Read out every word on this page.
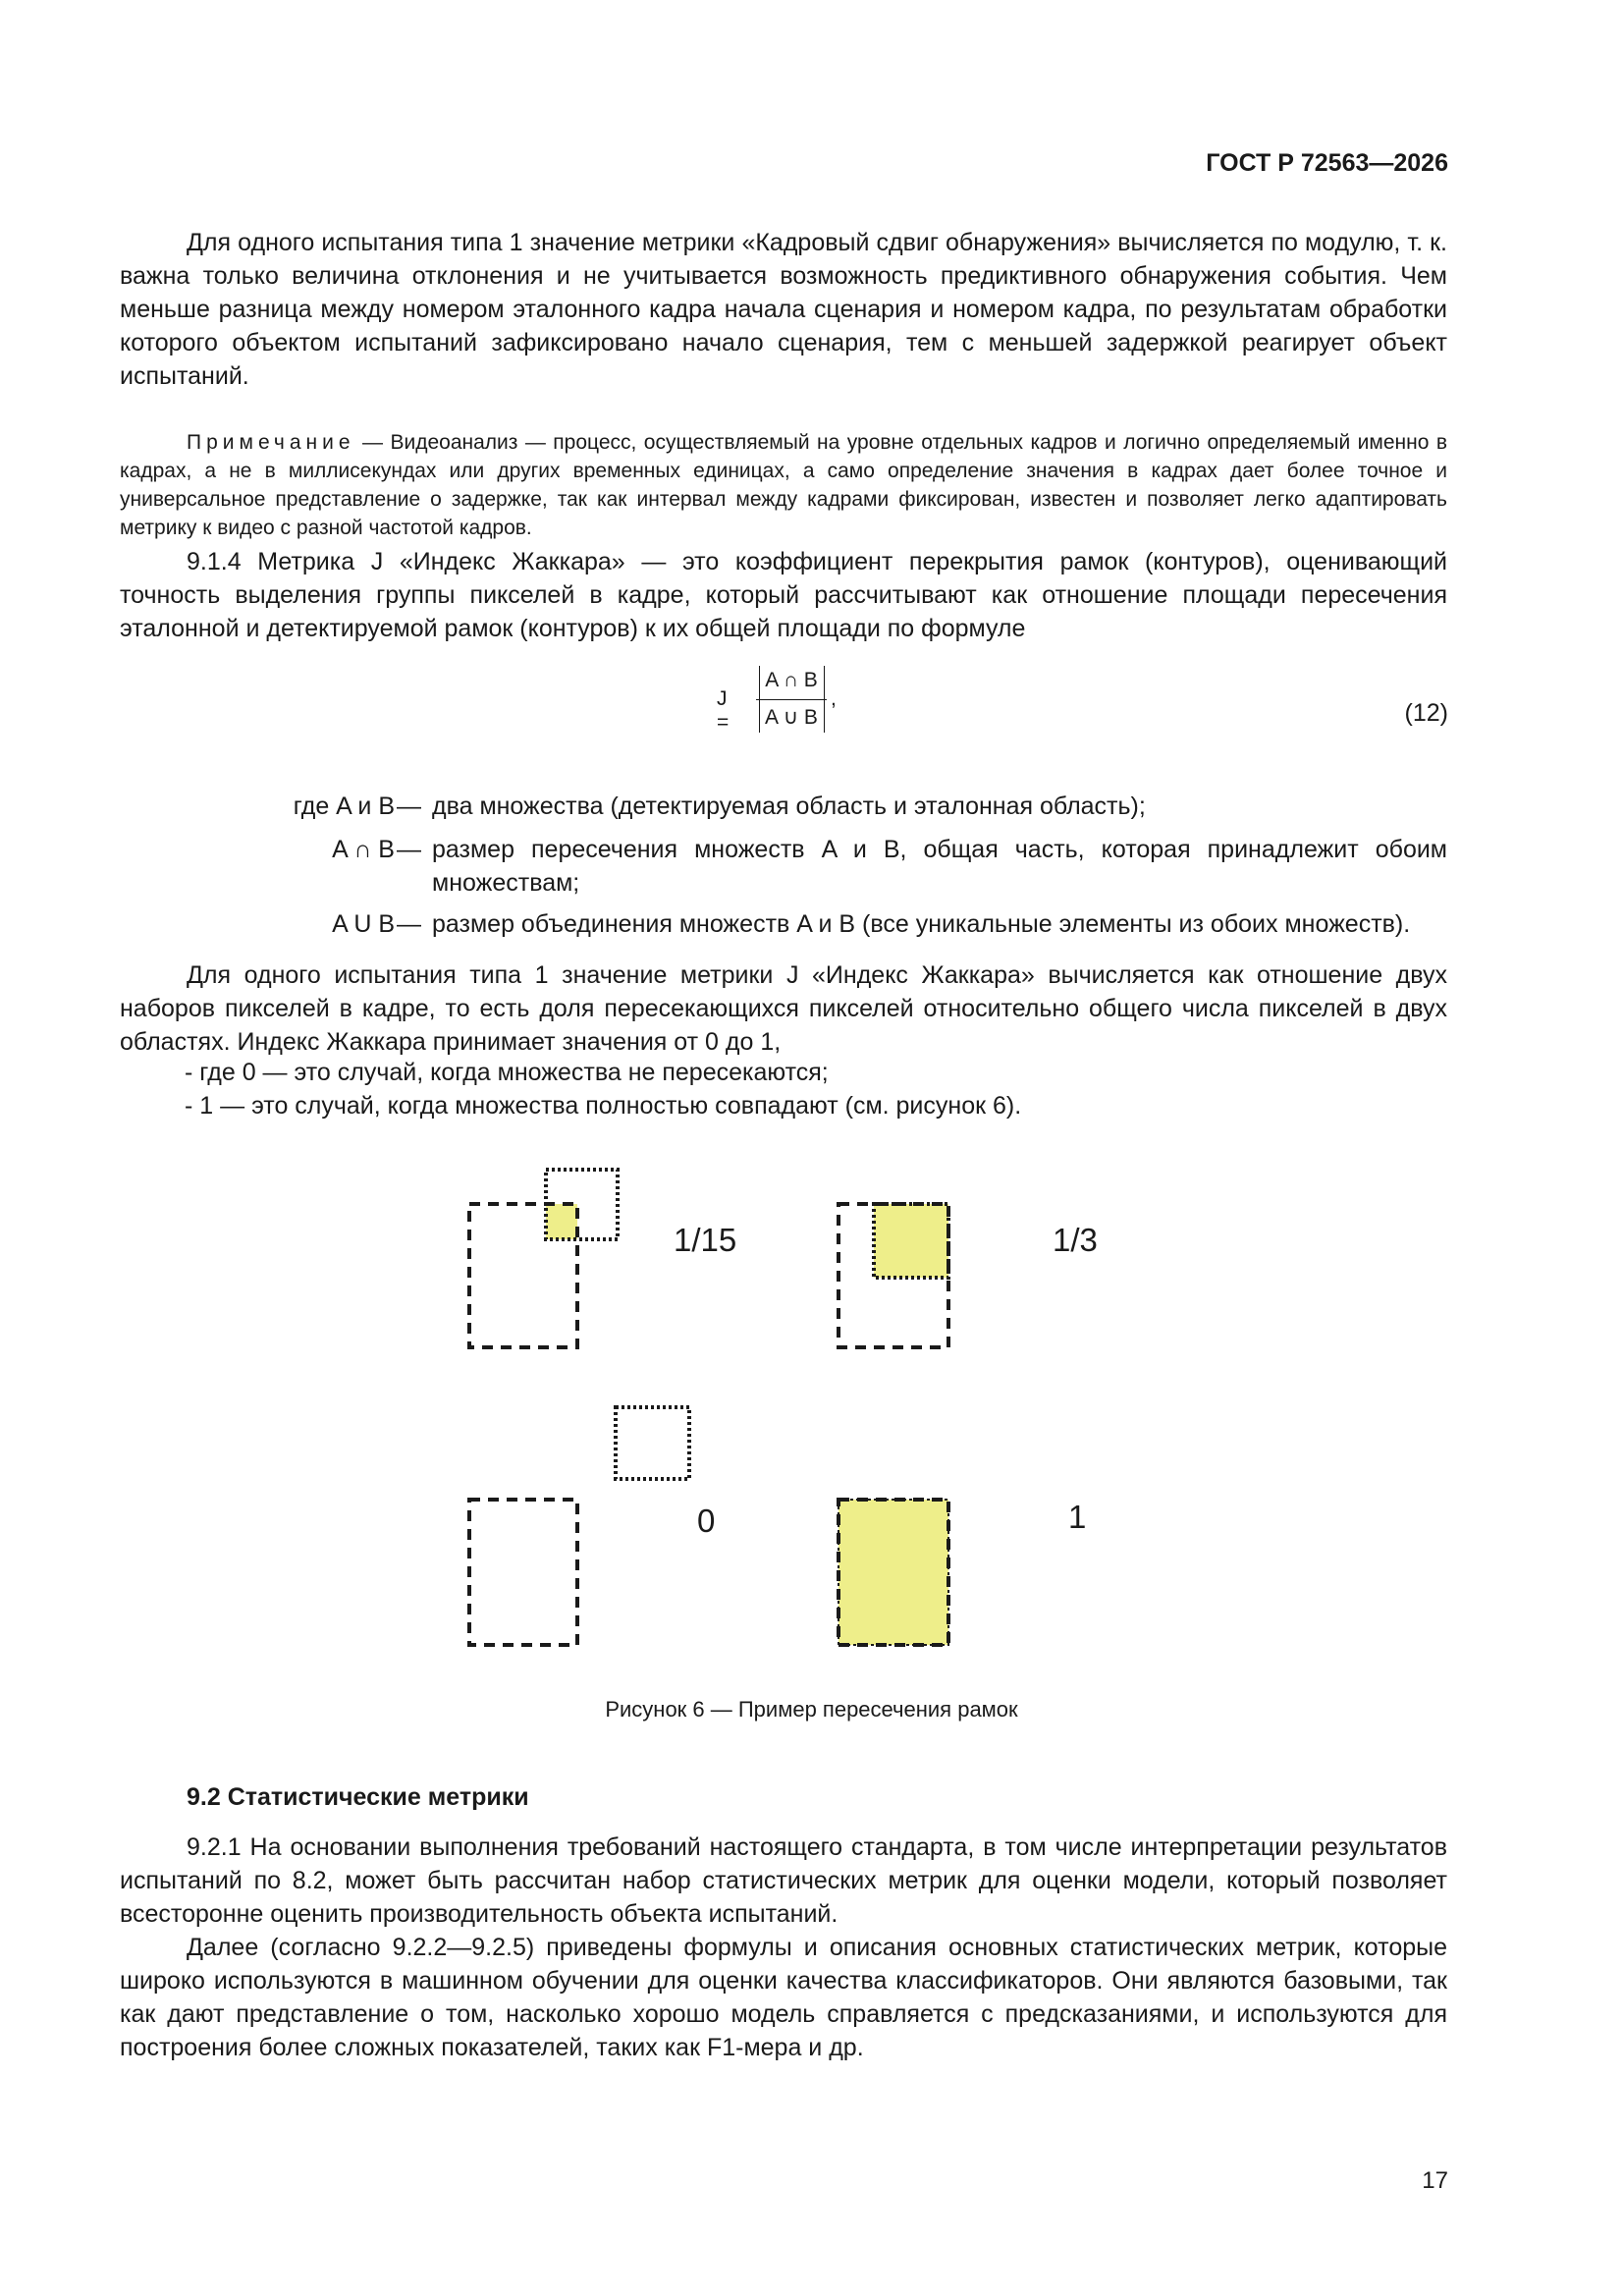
ГОСТ Р 72563—2026
Для одного испытания типа 1 значение метрики «Кадровый сдвиг обнаружения» вычисляется по модулю, т. к. важна только величина отклонения и не учитывается возможность предиктивного обнаружения события. Чем меньше разница между номером эталонного кадра начала сценария и номером кадра, по результатам обработки которого объектом испытаний зафиксировано начало сценария, тем с меньшей задержкой реагирует объект испытаний.
Примечание — Видеоанализ — процесс, осуществляемый на уровне отдельных кадров и логично определяемый именно в кадрах, а не в миллисекундах или других временных единицах, а само определение значения в кадрах дает более точное и универсальное представление о задержке, так как интервал между кадрами фиксирован, известен и позволяет легко адаптировать метрику к видео с разной частотой кадров.
9.1.4 Метрика J «Индекс Жаккара» — это коэффициент перекрытия рамок (контуров), оценивающий точность выделения группы пикселей в кадре, который рассчитывают как отношение площади пересечения эталонной и детектируемой рамок (контуров) к их общей площади по формуле
J =
A ∩ B
A ∪ B
,
(12)
где A и B — два множества (детектируемая область и эталонная область);
A ∩ B — размер пересечения множеств A и B, общая часть, которая принадлежит обоим множествам;
A U B — размер объединения множеств A и B (все уникальные элементы из обоих множеств).
Для одного испытания типа 1 значение метрики J «Индекс Жаккара» вычисляется как отношение двух наборов пикселей в кадре, то есть доля пересекающихся пикселей относительно общего числа пикселей в двух областях. Индекс Жаккара принимает значения от 0 до 1,
- где 0 — это случай, когда множества не пересекаются;
- 1 — это случай, когда множества полностью совпадают (см. рисунок 6).
1/15	1/3
0	1
Рисунок 6 — Пример пересечения рамок
9.2 Статистические метрики
9.2.1 На основании выполнения требований настоящего стандарта, в том числе интерпретации результатов испытаний по 8.2, может быть рассчитан набор статистических метрик для оценки модели, который позволяет всесторонне оценить производительность объекта испытаний.
Далее (согласно 9.2.2—9.2.5) приведены формулы и описания основных статистических метрик, которые широко используются в машинном обучении для оценки качества классификаторов. Они являются базовыми, так как дают представление о том, насколько хорошо модель справляется с предсказаниями, и используются для построения более сложных показателей, таких как F1-мера и др.
17
